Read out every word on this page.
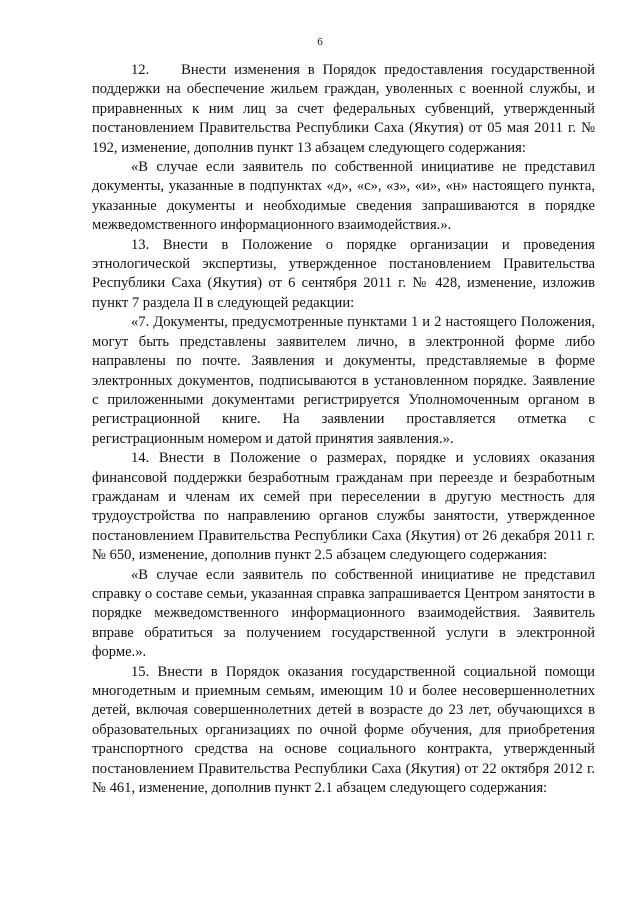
6

12.    Внести изменения в Порядок предоставления государственной поддержки на обеспечение жильем граждан, уволенных с военной службы, и приравненных к ним лиц за счет федеральных субвенций, утвержденный постановлением Правительства Республики Саха (Якутия) от 05 мая 2011 г. № 192, изменение, дополнив пункт 13 абзацем следующего содержания:

«В случае если заявитель по собственной инициативе не представил документы, указанные в подпунктах «д», «с», «з», «и», «н» настоящего пункта, указанные документы и необходимые сведения запрашиваются в порядке межведомственного информационного взаимодействия.».

13. Внести в Положение о порядке организации и проведения этнологической экспертизы, утвержденное постановлением Правительства Республики Саха (Якутия) от 6 сентября 2011 г. № 428, изменение, изложив пункт 7 раздела II в следующей редакции:

«7. Документы, предусмотренные пунктами 1 и 2 настоящего Положения, могут быть представлены заявителем лично, в электронной форме либо направлены по почте. Заявления и документы, представляемые в форме электронных документов, подписываются в установленном порядке. Заявление с приложенными документами регистрируется Уполномоченным органом в регистрационной книге. На заявлении проставляется отметка с регистрационным номером и датой принятия заявления.».

14. Внести в Положение о размерах, порядке и условиях оказания финансовой поддержки безработным гражданам при переезде и безработным гражданам и членам их семей при переселении в другую местность для трудоустройства по направлению органов службы занятости, утвержденное постановлением Правительства Республики Саха (Якутия) от 26 декабря 2011 г. № 650, изменение, дополнив пункт 2.5 абзацем следующего содержания:

«В случае если заявитель по собственной инициативе не представил справку о составе семьи, указанная справка запрашивается Центром занятости в порядке межведомственного информационного взаимодействия. Заявитель вправе обратиться за получением государственной услуги в электронной форме.».

15. Внести в Порядок оказания государственной социальной помощи многодетным и приемным семьям, имеющим 10 и более несовершеннолетних детей, включая совершеннолетних детей в возрасте до 23 лет, обучающихся в образовательных организациях по очной форме обучения, для приобретения транспортного средства на основе социального контракта, утвержденный постановлением Правительства Республики Саха (Якутия) от 22 октября 2012 г. № 461, изменение, дополнив пункт 2.1 абзацем следующего содержания:
